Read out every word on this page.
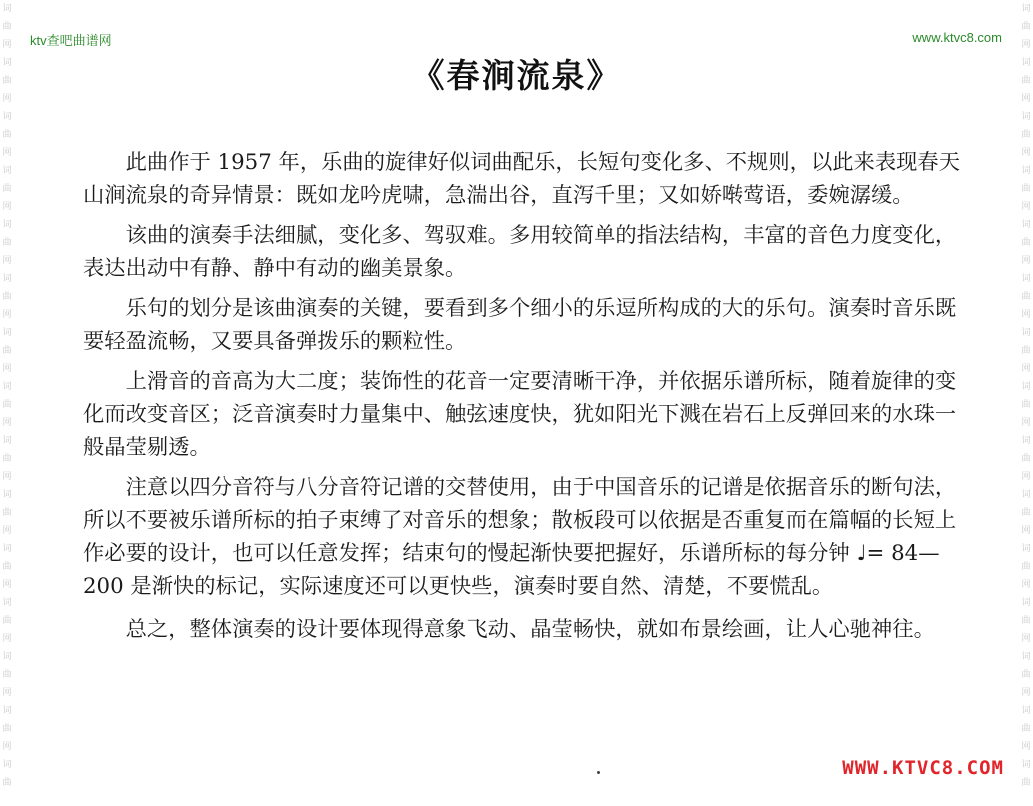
词
曲
网
词
曲
网
词
曲
网
词
曲
网
词
曲
网
词
曲
网
词
曲
网
词
曲
网
词
曲
网
词
曲
网
词
曲
网
词
曲
网
词
曲
网
词
曲
网
词
曲
词
曲
网
词
曲
网
词
曲
网
词
曲
网
词
曲
网
词
曲
网
词
曲
网
词
曲
网
词
曲
网
词
曲
网
词
曲
网
词
曲
网
词
曲
网
词
曲
网
词
曲
ktv查吧曲谱网	www.ktvc8.com
《春涧流泉》

此曲作于 1957 年，乐曲的旋律好似词曲配乐，长短句变化多、不规则，以此来表现春天山涧流泉的奇异情景：既如龙吟虎啸，急湍出谷，直泻千里；又如娇啭莺语，委婉潺缓。

该曲的演奏手法细腻，变化多、驾驭难。多用较简单的指法结构，丰富的音色力度变化，表达出动中有静、静中有动的幽美景象。

乐句的划分是该曲演奏的关键，要看到多个细小的乐逗所构成的大的乐句。演奏时音乐既要轻盈流畅，又要具备弹拨乐的颗粒性。

上滑音的音高为大二度；装饰性的花音一定要清晰干净，并依据乐谱所标，随着旋律的变化而改变音区；泛音演奏时力量集中、触弦速度快，犹如阳光下溅在岩石上反弹回来的水珠一般晶莹剔透。

注意以四分音符与八分音符记谱的交替使用，由于中国音乐的记谱是依据音乐的断句法，所以不要被乐谱所标的拍子束缚了对音乐的想象；散板段可以依据是否重复而在篇幅的长短上作必要的设计，也可以任意发挥；结束句的慢起渐快要把握好，乐谱所标的每分钟 ♩= 84—200 是渐快的标记，实际速度还可以更快些，演奏时要自然、清楚，不要慌乱。

总之，整体演奏的设计要体现得意象飞动、晶莹畅快，就如布景绘画，让人心驰神往。

WWW.KTVC8.COM
